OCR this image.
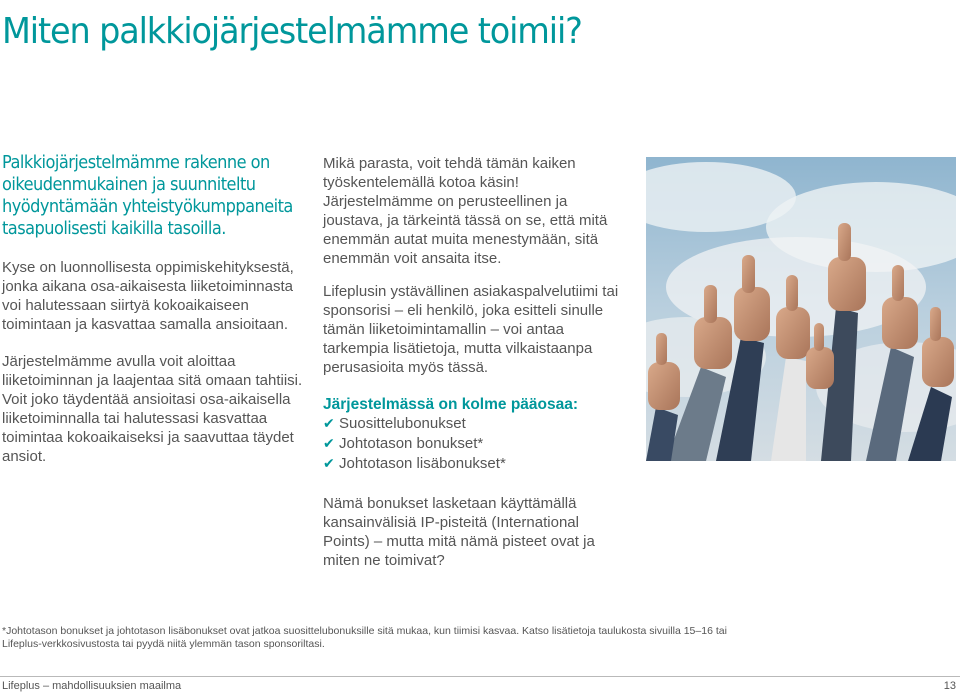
Miten palkkiojärjestelmämme toimii?

Palkkiojärjestelmämme rakenne on oikeudenmukainen ja suunniteltu hyödyntämään yhteistyökumppaneita tasapuolisesti kaikilla tasoilla.

Kyse on luonnollisesta oppimiskehityksestä, jonka aikana osa-aikaisesta liiketoiminnasta voi halutessaan siirtyä kokoaikaiseen toimintaan ja kasvattaa samalla ansioitaan.

Järjestelmämme avulla voit aloittaa liiketoiminnan ja laajentaa sitä omaan tahtiisi.

Voit joko täydentää ansioitasi osa-aikaisella liiketoiminnalla tai halutessasi kasvattaa toimintaa kokoaikaiseksi ja saavuttaa täydet ansiot.

Mikä parasta, voit tehdä tämän kaiken työskentelemällä kotoa käsin!

Järjestelmämme on perusteellinen ja joustava, ja tärkeintä tässä on se, että mitä enemmän autat muita menestymään, sitä enemmän voit ansaita itse.

Lifeplusin ystävällinen asiakaspalvelutiimi tai sponsorisi – eli henkilö, joka esitteli sinulle tämän liiketoimintamallin – voi antaa tarkempia lisätietoja, mutta vilkaistaanpa perusasioita myös tässä.

Järjestelmässä on kolme pääosaa:
✔ Suosittelubonukset
✔ Johtotason bonukset*
✔ Johtotason lisäbonukset*

Nämä bonukset lasketaan käyttämällä kansainvälisiä IP-pisteitä (International Points) – mutta mitä nämä pisteet ovat ja miten ne toimivat?

*Johtotason bonukset ja johtotason lisäbonukset ovat jatkoa suosittelubonuksille sitä mukaa, kun tiimisi kasvaa. Katso lisätietoja taulukosta sivuilla 15–16 tai
Lifeplus-verkkosivustosta tai pyydä niitä ylemmän tason sponsoriltasi.
Lifeplus – mahdollisuuksien maailma	13
